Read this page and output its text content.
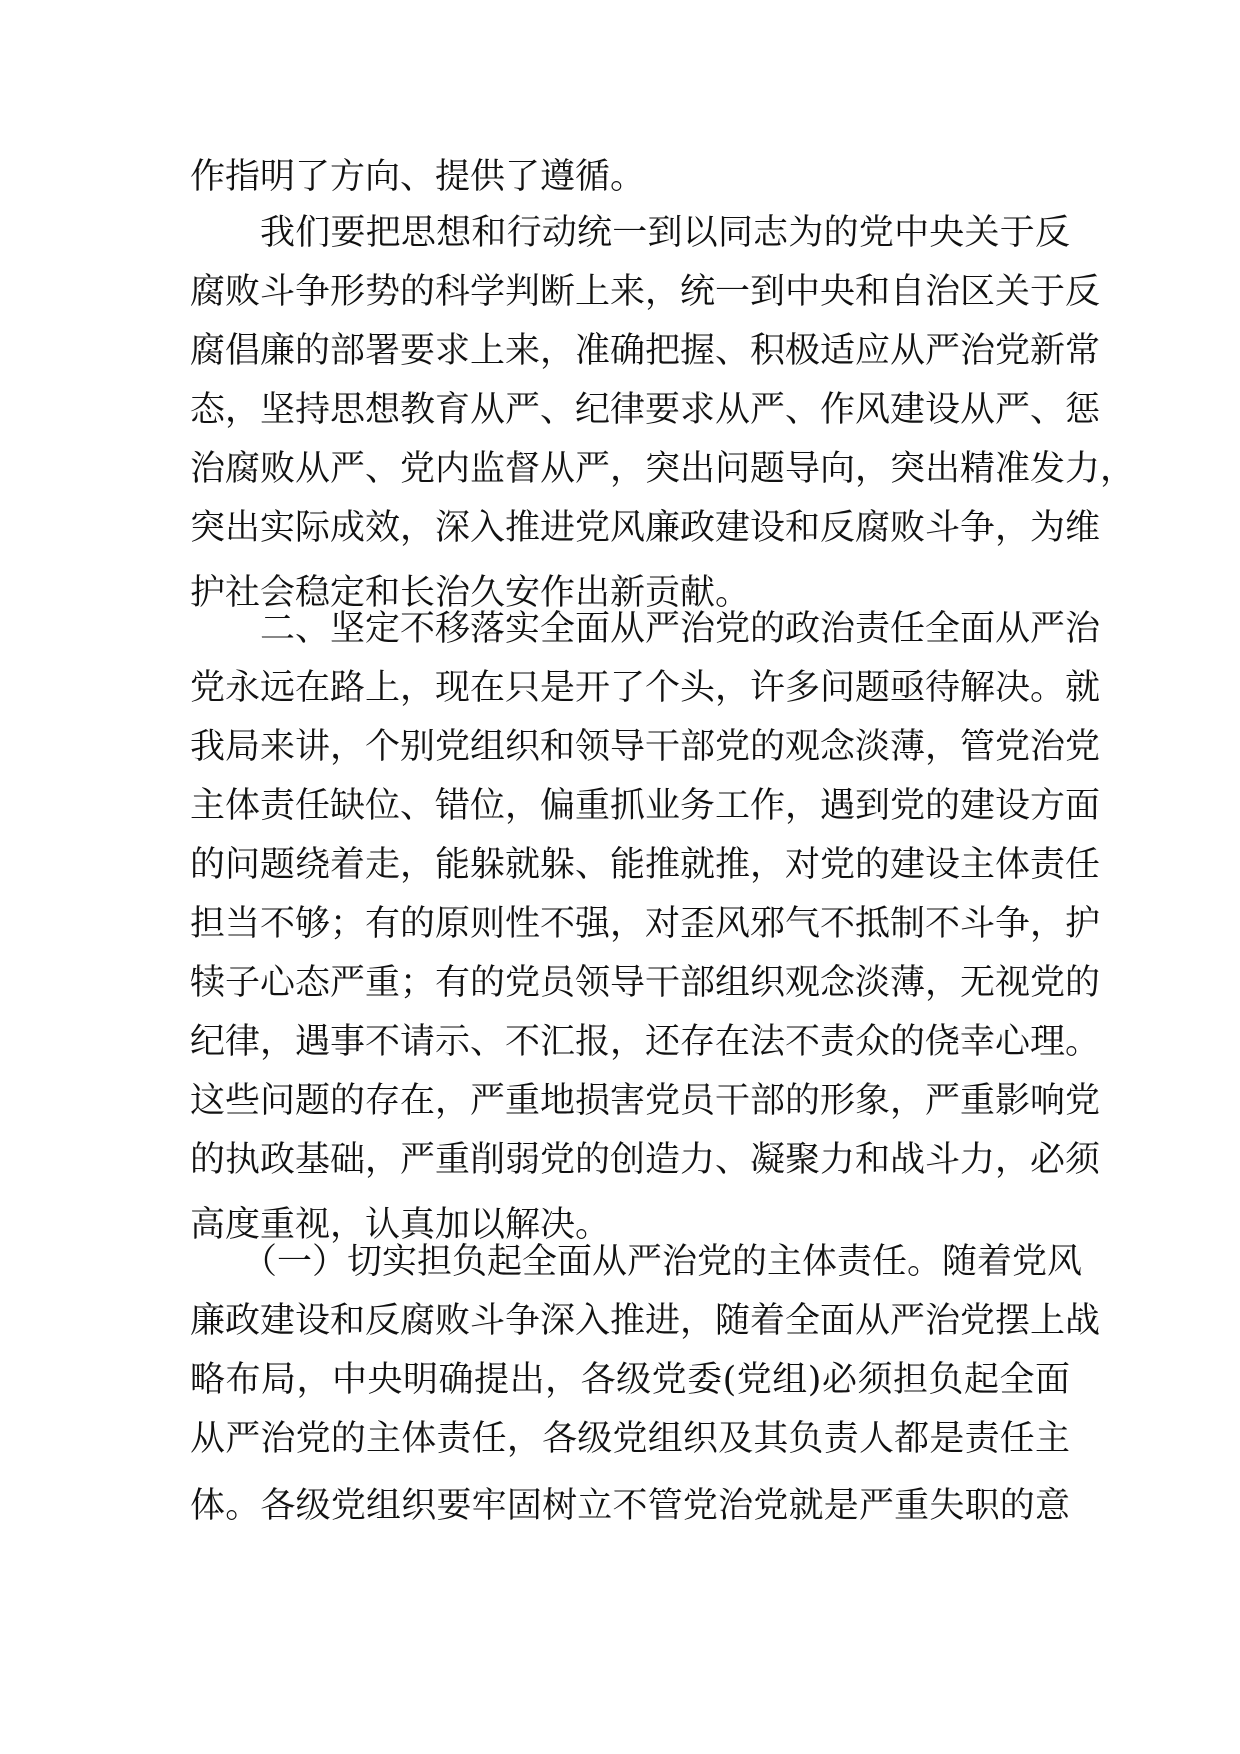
作指明了方向、提供了遵循。
我们要把思想和行动统一到以同志为的党中央关于反
腐败斗争形势的科学判断上来，统一到中央和自治区关于反
腐倡廉的部署要求上来，准确把握、积极适应从严治党新常
态，坚持思想教育从严、纪律要求从严、作风建设从严、惩
治腐败从严、党内监督从严，突出问题导向，突出精准发力，
突出实际成效，深入推进党风廉政建设和反腐败斗争，为维
护社会稳定和长治久安作出新贡献。
二、坚定不移落实全面从严治党的政治责任全面从严治
党永远在路上，现在只是开了个头，许多问题亟待解决。就
我局来讲，个别党组织和领导干部党的观念淡薄，管党治党
主体责任缺位、错位，偏重抓业务工作，遇到党的建设方面
的问题绕着走，能躲就躲、能推就推，对党的建设主体责任
担当不够；有的原则性不强，对歪风邪气不抵制不斗争，护
犊子心态严重；有的党员领导干部组织观念淡薄，无视党的
纪律，遇事不请示、不汇报，还存在法不责众的侥幸心理。
这些问题的存在，严重地损害党员干部的形象，严重影响党
的执政基础，严重削弱党的创造力、凝聚力和战斗力，必须
高度重视，认真加以解决。
（一）切实担负起全面从严治党的主体责任。随着党风
廉政建设和反腐败斗争深入推进，随着全面从严治党摆上战
略布局，中央明确提出，各级党委(党组)必须担负起全面
从严治党的主体责任，各级党组织及其负责人都是责任主
体。各级党组织要牢固树立不管党治党就是严重失职的意
